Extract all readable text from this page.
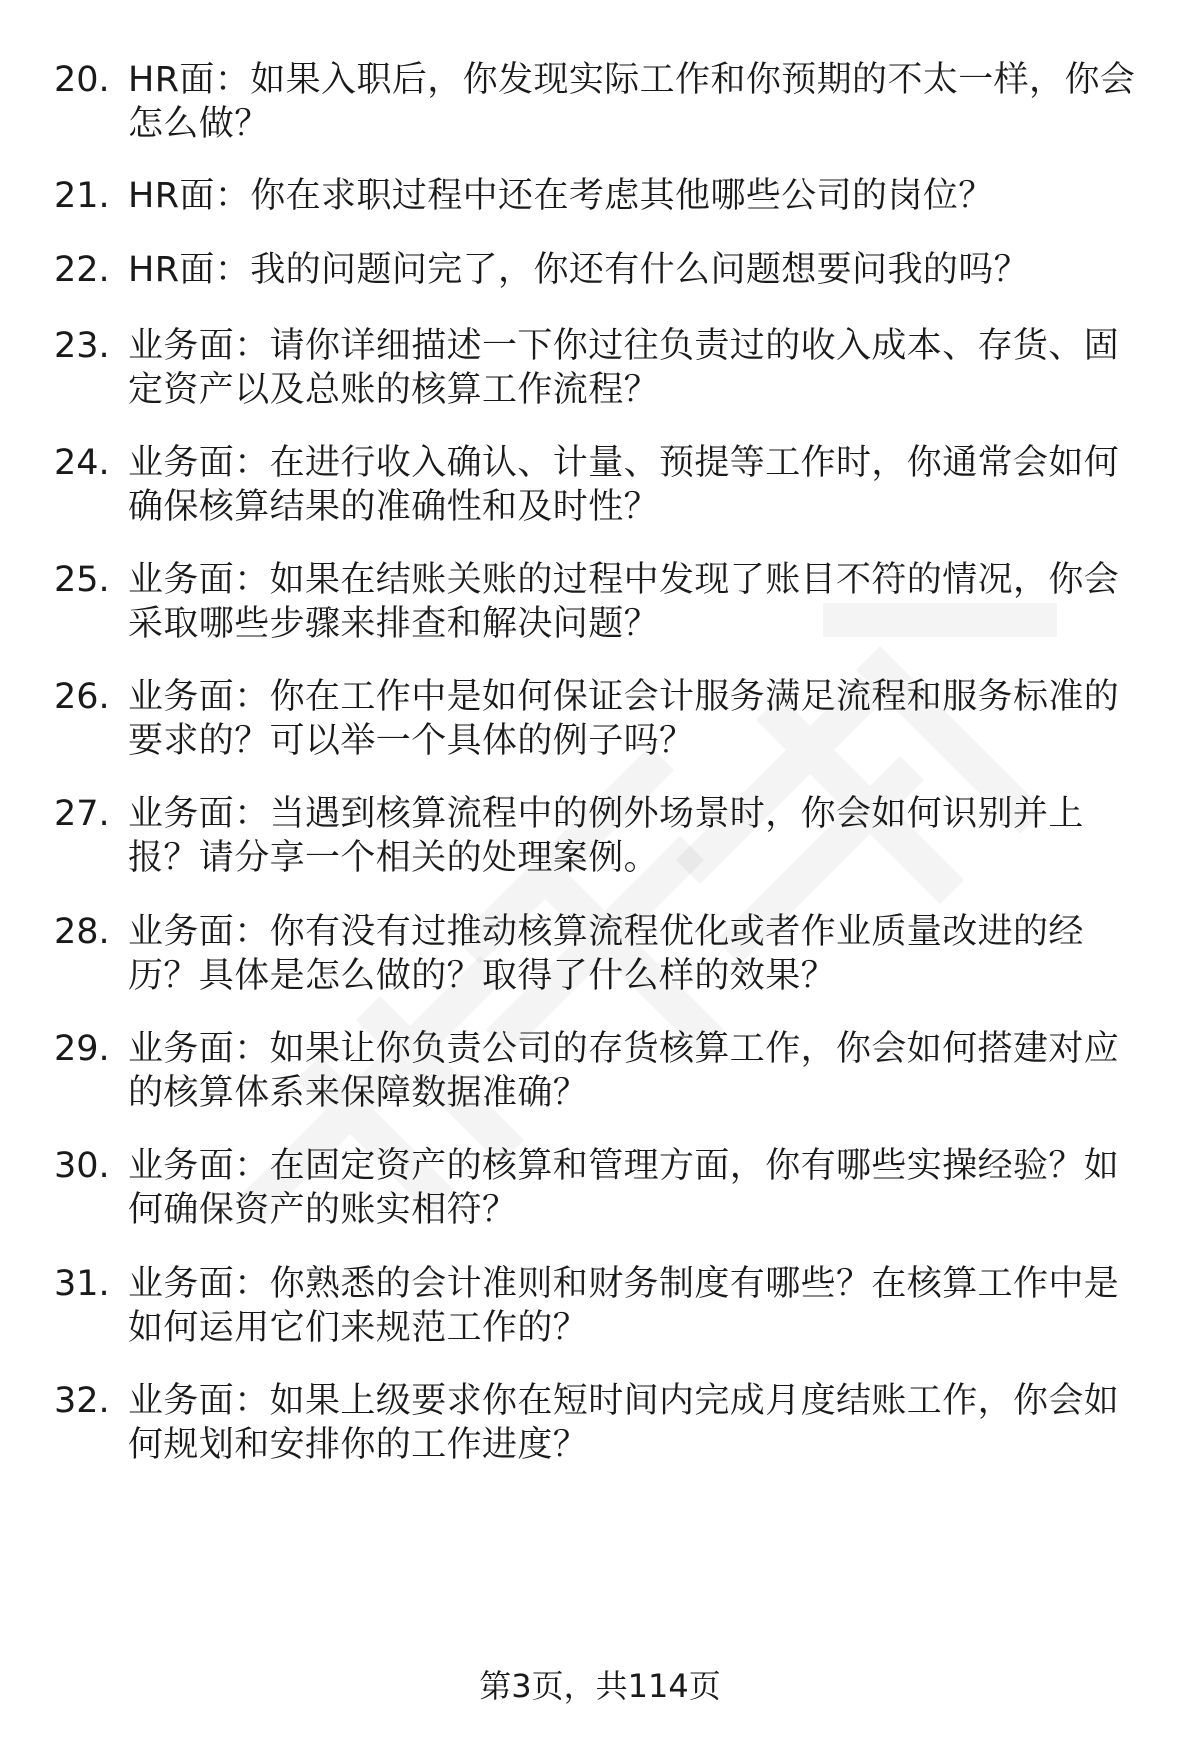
20. HR面：如果入职后，你发现实际工作和你预期的不太一样，你会怎么做？
21. HR面：你在求职过程中还在考虑其他哪些公司的岗位？
22. HR面：我的问题问完了，你还有什么问题想要问我的吗？
23. 业务面：请你详细描述一下你过往负责过的收入成本、存货、固定资产以及总账的核算工作流程？
24. 业务面：在进行收入确认、计量、预提等工作时，你通常会如何确保核算结果的准确性和及时性？
25. 业务面：如果在结账关账的过程中发现了账目不符的情况，你会采取哪些步骤来排查和解决问题？
26. 业务面：你在工作中是如何保证会计服务满足流程和服务标准的要求的？可以举一个具体的例子吗？
27. 业务面：当遇到核算流程中的例外场景时，你会如何识别并上报？请分享一个相关的处理案例。
28. 业务面：你有没有过推动核算流程优化或者作业质量改进的经历？具体是怎么做的？取得了什么样的效果？
29. 业务面：如果让你负责公司的存货核算工作，你会如何搭建对应的核算体系来保障数据准确？
30. 业务面：在固定资产的核算和管理方面，你有哪些实操经验？如何确保资产的账实相符？
31. 业务面：你熟悉的会计准则和财务制度有哪些？在核算工作中是如何运用它们来规范工作的？
32. 业务面：如果上级要求你在短时间内完成月度结账工作，你会如何规划和安排你的工作进度？
第3页，共114页
